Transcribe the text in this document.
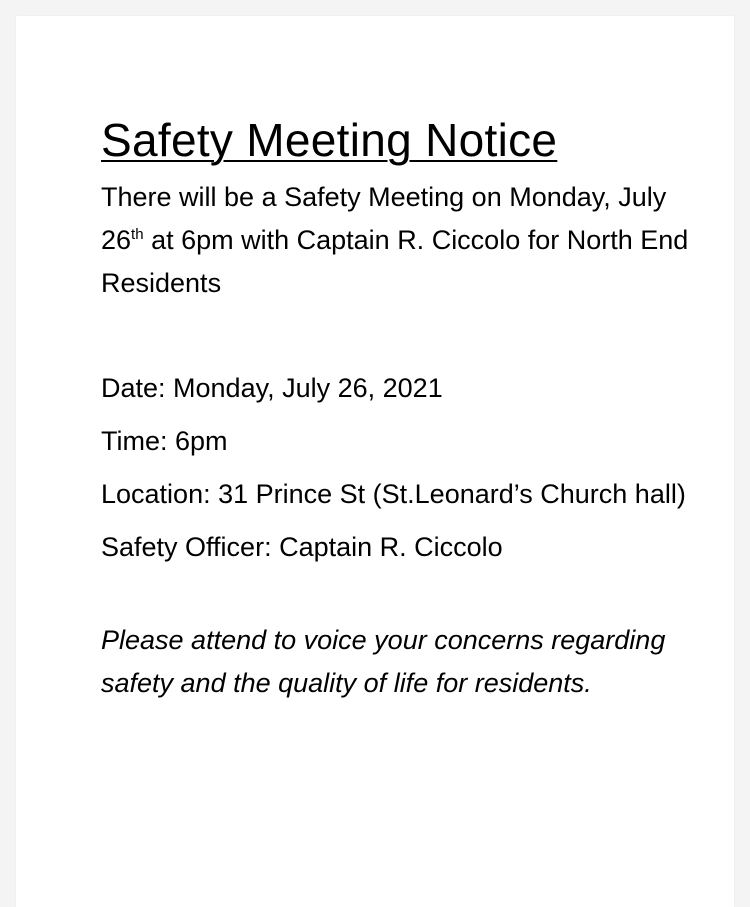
Safety Meeting Notice

There will be a Safety Meeting on Monday, July 26th at 6pm with Captain R. Ciccolo for North End Residents

Date: Monday, July 26, 2021

Time: 6pm

Location: 31 Prince St (St.Leonard’s Church hall)

Safety Officer: Captain R. Ciccolo

Please attend to voice your concerns regarding safety and the quality of life for residents.
